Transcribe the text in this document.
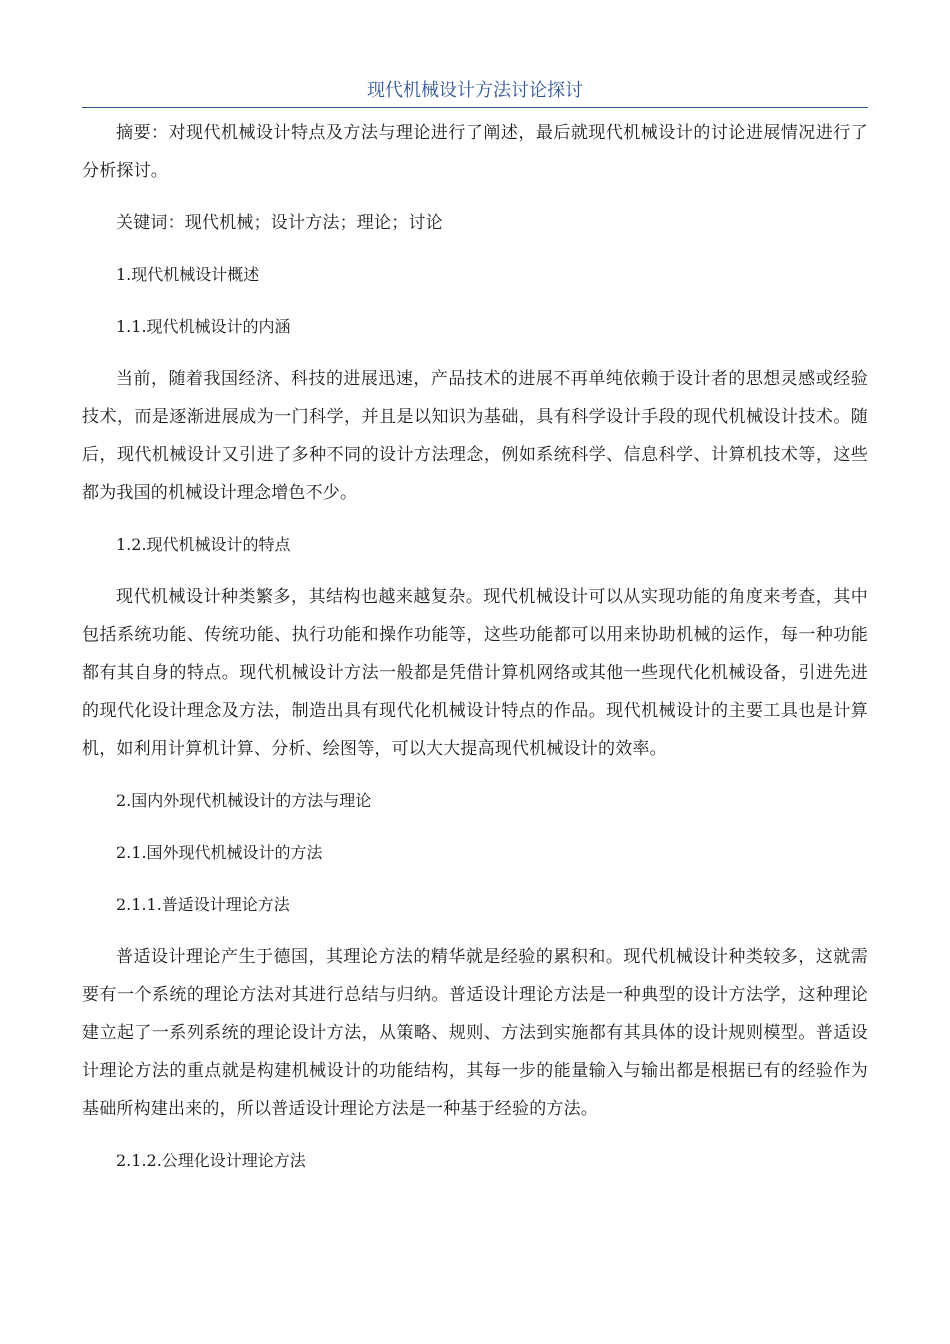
现代机械设计方法讨论探讨

摘要：对现代机械设计特点及方法与理论进行了阐述，最后就现代机械设计的讨论进展情况进行了分析探讨。

关键词：现代机械；设计方法；理论；讨论

1.现代机械设计概述

1.1.现代机械设计的内涵

当前，随着我国经济、科技的进展迅速，产品技术的进展不再单纯依赖于设计者的思想灵感或经验技术，而是逐渐进展成为一门科学，并且是以知识为基础，具有科学设计手段的现代机械设计技术。随后，现代机械设计又引进了多种不同的设计方法理念，例如系统科学、信息科学、计算机技术等，这些都为我国的机械设计理念增色不少。

1.2.现代机械设计的特点

现代机械设计种类繁多，其结构也越来越复杂。现代机械设计可以从实现功能的角度来考查，其中包括系统功能、传统功能、执行功能和操作功能等，这些功能都可以用来协助机械的运作，每一种功能都有其自身的特点。现代机械设计方法一般都是凭借计算机网络或其他一些现代化机械设备，引进先进的现代化设计理念及方法，制造出具有现代化机械设计特点的作品。现代机械设计的主要工具也是计算机，如利用计算机计算、分析、绘图等，可以大大提高现代机械设计的效率。

2.国内外现代机械设计的方法与理论

2.1.国外现代机械设计的方法

2.1.1.普适设计理论方法

普适设计理论产生于德国，其理论方法的精华就是经验的累积和。现代机械设计种类较多，这就需要有一个系统的理论方法对其进行总结与归纳。普适设计理论方法是一种典型的设计方法学，这种理论建立起了一系列系统的理论设计方法，从策略、规则、方法到实施都有其具体的设计规则模型。普适设计理论方法的重点就是构建机械设计的功能结构，其每一步的能量输入与输出都是根据已有的经验作为基础所构建出来的，所以普适设计理论方法是一种基于经验的方法。

2.1.2.公理化设计理论方法
